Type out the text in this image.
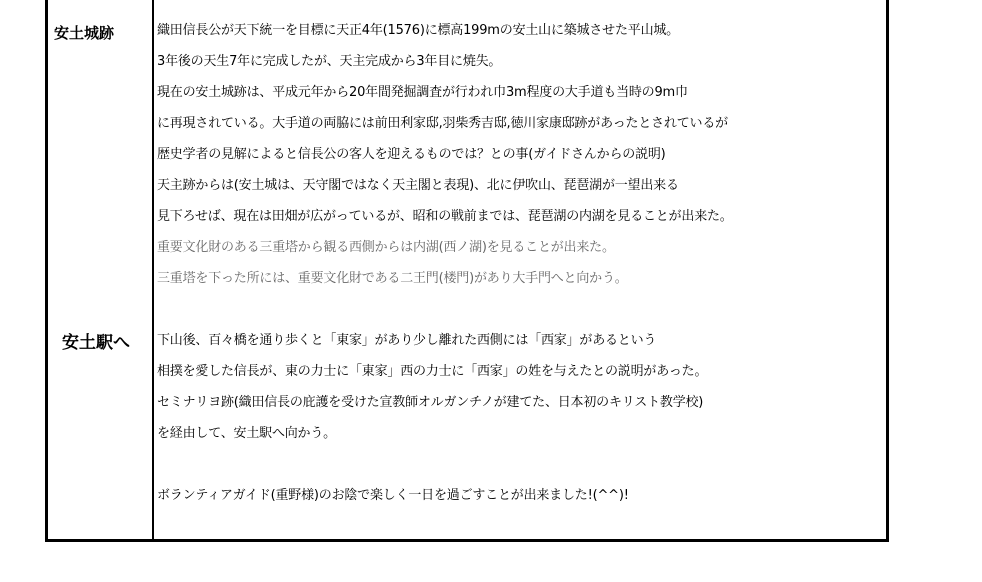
安土城跡	織田信長公が天下統一を目標に天正4年(1576)に標高199mの安土山に築城させた平山城。
3年後の天生7年に完成したが、天主完成から3年目に焼失。
現在の安土城跡は、平成元年から20年間発掘調査が行われ巾3m程度の大手道も当時の9m巾
に再現されている。大手道の両脇には前田利家邸,羽柴秀吉邸,徳川家康邸跡があったとされているが
歴史学者の見解によると信長公の客人を迎えるものでは？との事(ガイドさんからの説明)
天主跡からは(安土城は、天守閣ではなく天主閣と表現)、北に伊吹山、琵琶湖が一望出来る
見下ろせば、現在は田畑が広がっているが、昭和の戦前までは、琵琶湖の内湖を見ることが出来た。
重要文化財のある三重塔から観る西側からは内湖(西ノ湖)を見ることが出来た。
三重塔を下った所には、重要文化財である二王門(楼門)があり大手門へと向かう。
安土駅へ 下山後、百々橋を通り歩くと「東家」があり少し離れた西側には「西家」があるという
相撲を愛した信長が、東の力士に「東家」西の力士に「西家」の姓を与えたとの説明があった。
セミナリヨ跡(織田信長の庇護を受けた宣教師オルガンチノが建てた、日本初のキリスト教学校)
を経由して、安土駅へ向かう。
ボランティアガイド(重野様)のお陰で楽しく一日を過ごすことが出来ました!(^^)!
